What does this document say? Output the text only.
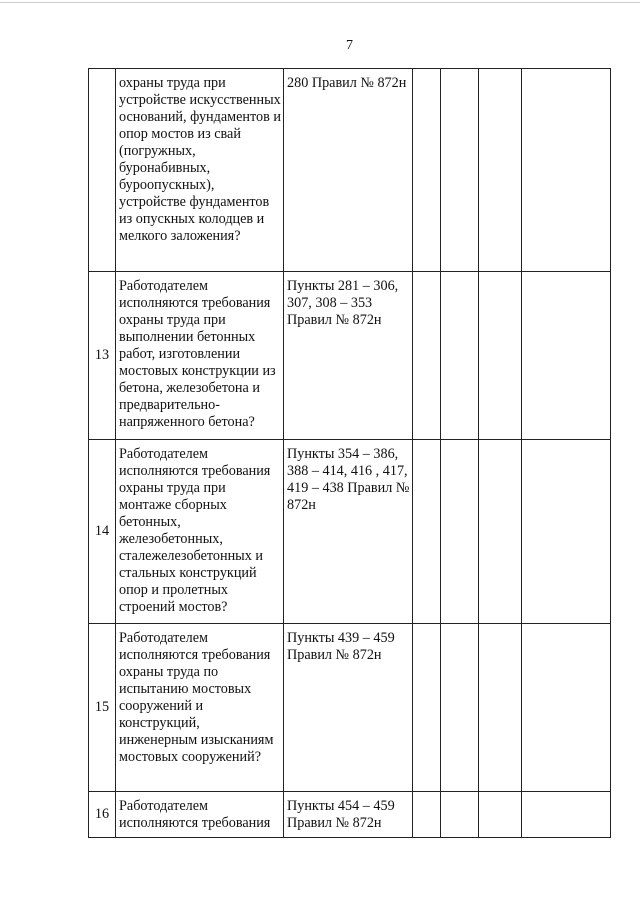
7
	охраны труда при устройстве искусственных оснований, фундаментов и опор мостов из свай (погружных, буронабивных, буроопускных), устройстве фундаментов из опускных колодцев и мелкого заложения?	280 Правил № 872н				
13	Работодателем исполняются требования охраны труда при выполнении бетонных работ, изготовлении мостовых конструкции из бетона, железобетона и предварительно-напряженного бетона?	Пункты 281 – 306, 307, 308 – 353 Правил № 872н				
14	Работодателем исполняются требования охраны труда при монтаже сборных бетонных, железобетонных, сталежелезобетонных и стальных конструкций опор и пролетных строений мостов?	Пункты 354 – 386, 388 – 414, 416 , 417, 419 – 438 Правил № 872н				
15	Работодателем исполняются требования охраны труда по испытанию мостовых сооружений и конструкций, инженерным изысканиям мостовых сооружений?	Пункты 439 – 459 Правил № 872н				
16	Работодателем исполняются требования	Пункты 454 – 459 Правил № 872н				
